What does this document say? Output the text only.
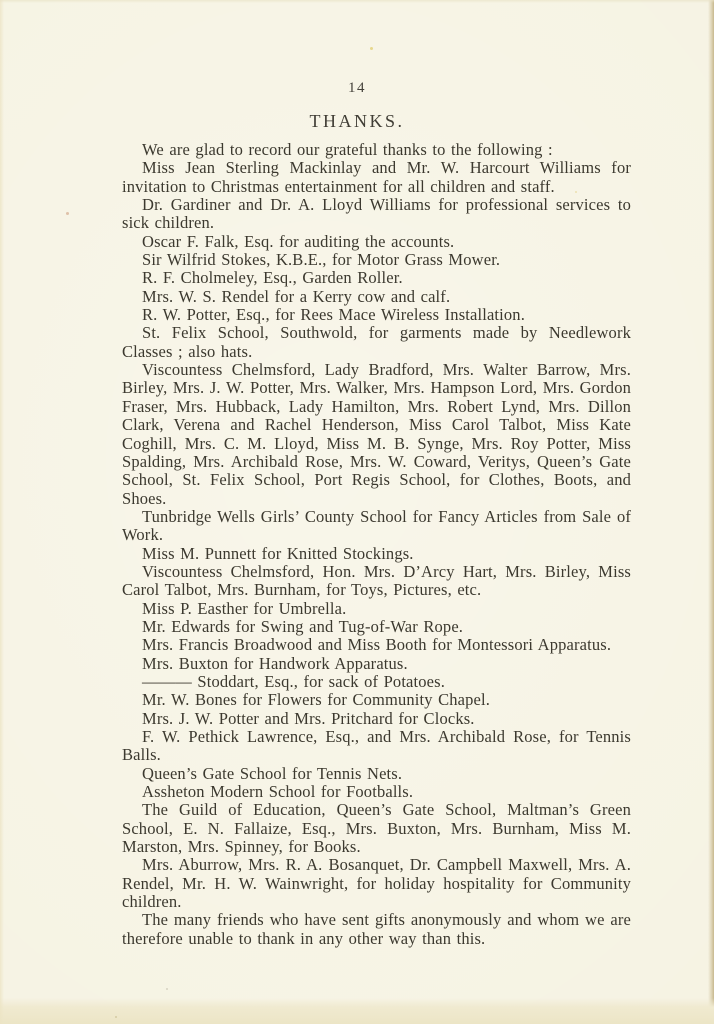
14
THANKS.

We are glad to record our grateful thanks to the following :

Miss Jean Sterling Mackinlay and Mr. W. Harcourt Williams for invitation to Christmas entertainment for all children and staff.

Dr. Gardiner and Dr. A. Lloyd Williams for professional services to sick children.

Oscar F. Falk, Esq. for auditing the accounts.

Sir Wilfrid Stokes, K.B.E., for Motor Grass Mower.

R. F. Cholmeley, Esq., Garden Roller.

Mrs. W. S. Rendel for a Kerry cow and calf.

R. W. Potter, Esq., for Rees Mace Wireless Installation.

St. Felix School, Southwold, for garments made by Needlework Classes ; also hats.

Viscountess Chelmsford, Lady Bradford, Mrs. Walter Barrow, Mrs. Birley, Mrs. J. W. Potter, Mrs. Walker, Mrs. Hampson Lord, Mrs. Gordon Fraser, Mrs. Hubback, Lady Hamilton, Mrs. Robert Lynd, Mrs. Dillon Clark, Verena and Rachel Henderson, Miss Carol Talbot, Miss Kate Coghill, Mrs. C. M. Lloyd, Miss M. B. Synge, Mrs. Roy Potter, Miss Spalding, Mrs. Archibald Rose, Mrs. W. Coward, Veritys, Queen’s Gate School, St. Felix School, Port Regis School, for Clothes, Boots, and Shoes.

Tunbridge Wells Girls’ County School for Fancy Articles from Sale of Work.

Miss M. Punnett for Knitted Stockings.

Viscountess Chelmsford, Hon. Mrs. D’Arcy Hart, Mrs. Birley, Miss Carol Talbot, Mrs. Burnham, for Toys, Pictures, etc.

Miss P. Easther for Umbrella.

Mr. Edwards for Swing and Tug-of-War Rope.

Mrs. Francis Broadwood and Miss Booth for Montessori Apparatus.

Mrs. Buxton for Handwork Apparatus.

——— Stoddart, Esq., for sack of Potatoes.

Mr. W. Bones for Flowers for Community Chapel.

Mrs. J. W. Potter and Mrs. Pritchard for Clocks.

F. W. Pethick Lawrence, Esq., and Mrs. Archibald Rose, for Tennis Balls.

Queen’s Gate School for Tennis Nets.

Assheton Modern School for Footballs.

The Guild of Education, Queen’s Gate School, Maltman’s Green School, E. N. Fallaize, Esq., Mrs. Buxton, Mrs. Burnham, Miss M. Marston, Mrs. Spinney, for Books.

Mrs. Aburrow, Mrs. R. A. Bosanquet, Dr. Campbell Maxwell, Mrs. A. Rendel, Mr. H. W. Wainwright, for holiday hospitality for Community children.

The many friends who have sent gifts anonymously and whom we are therefore unable to thank in any other way than this.
